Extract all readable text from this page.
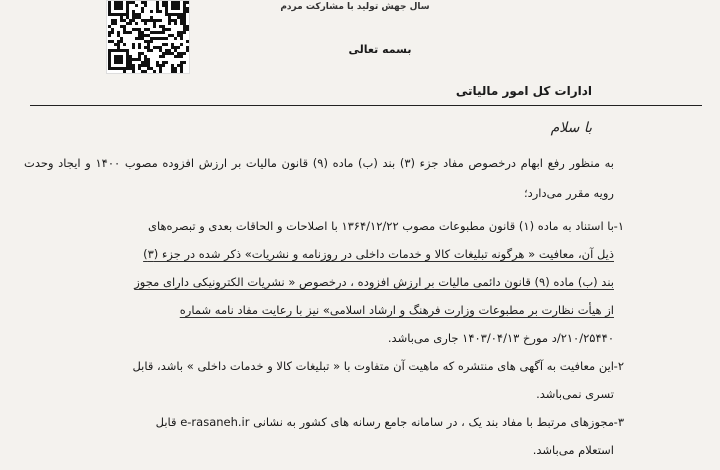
سال جهش تولید با مشارکت مردم
بسمه تعالی
ادارات کل امور مالیاتی
با سلام
به منظور رفع ابهام درخصوص مفاد جزء (۳) بند (ب) ماده (۹) قانون مالیات بر ارزش افزوده مصوب ۱۴۰۰ و ایجاد وحدت رویه مقرر می‌دارد؛
۱-
با استناد به ماده (۱) قانون مطبوعات مصوب ۱۳۶۴/۱۲/۲۲ با اصلاحات و الحاقات بعدی و تبصره‌های
ذیل آن، معافیت « هرگونه تبلیغات کالا و خدمات داخلی در روزنامه و نشریات» ذکر شده در جزء (۳)
بند (ب) ماده (۹) قانون دائمی مالیات بر ارزش افزوده ، درخصوص « نشریات الکترونیکی دارای مجوز
از هیأت نظارت بر مطبوعات وزارت فرهنگ و ارشاد اسلامی» نیز با رعایت مفاد نامه شماره
۲۱۰/۲۵۴۴۰/د مورخ ۱۴۰۳/۰۴/۱۳ جاری می‌باشد.
۲-
این معافیت به آگهی های منتشره که ماهیت آن متفاوت با « تبلیغات کالا و خدمات داخلی » باشد، قابل
تسری نمی‌باشد.
۳-
مجوزهای مرتبط با مفاد بند یک ، در سامانه جامع رسانه های کشور به نشانی e-rasaneh.ir قابل
استعلام می‌باشد.
